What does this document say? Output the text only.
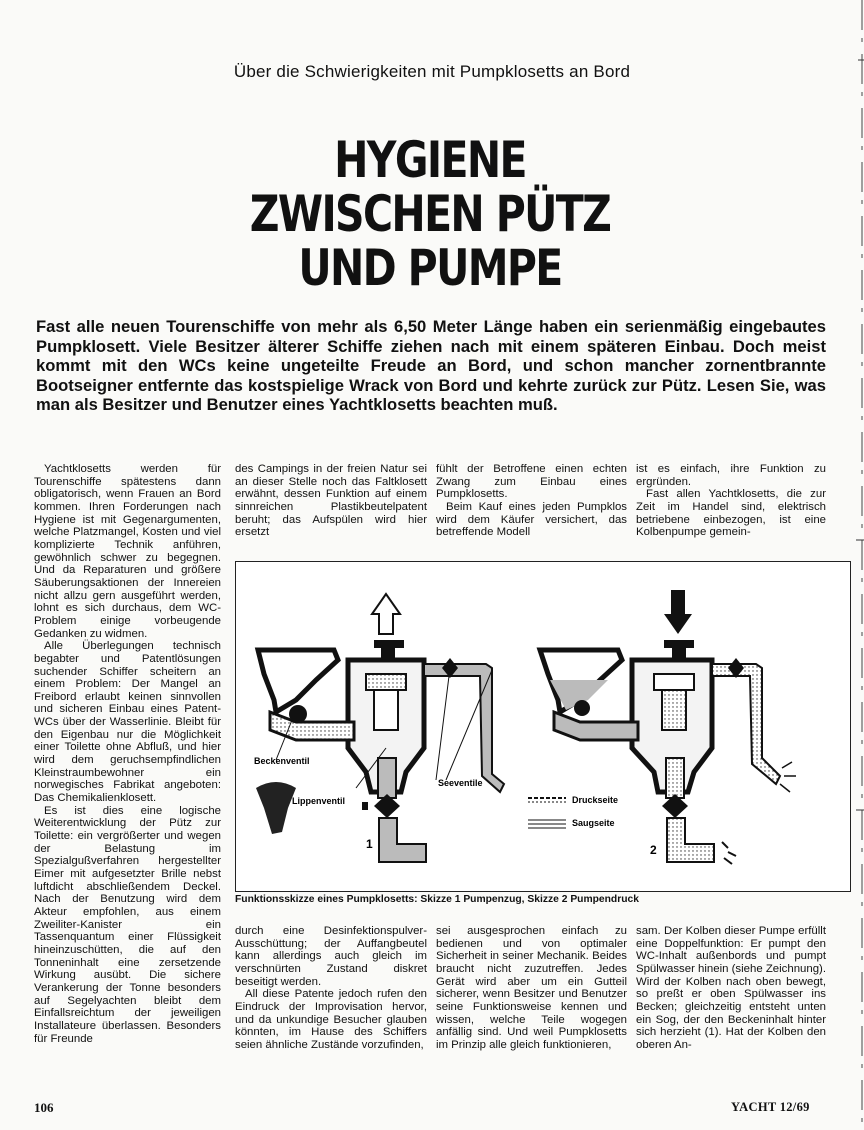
Über die Schwierigkeiten mit Pumpklosetts an Bord
HYGIENE
ZWISCHEN PÜTZ
UND PUMPE
Fast alle neuen Tourenschiffe von mehr als 6,50 Meter Länge haben ein serienmäßig eingebautes Pumpklosett. Viele Besitzer älterer Schiffe ziehen nach mit einem späteren Einbau. Doch meist kommt mit den WCs keine ungeteilte Freude an Bord, und schon mancher zornentbrannte Bootseigner entfernte das kostspielige Wrack von Bord und kehrte zurück zur Pütz. Lesen Sie, was man als Besitzer und Benutzer eines Yachtklosetts beachten muß.

Yachtklosetts werden für Tourenschiffe spätestens dann obligatorisch, wenn Frauen an Bord kommen. Ihren Forderungen nach Hygiene ist mit Gegenargumenten, welche Platzmangel, Kosten und viel komplizierte Technik anführen, gewöhnlich schwer zu begegnen. Und da Reparaturen und größere Säuberungsaktionen der Innereien nicht allzu gern ausgeführt werden, lohnt es sich durchaus, dem WC-Problem einige vorbeugende Gedanken zu widmen.

Alle Überlegungen technisch begabter und Patentlösungen suchender Schiffer scheitern an einem Problem: Der Mangel an Freibord erlaubt keinen sinnvollen und sicheren Einbau eines Patent-WCs über der Wasserlinie. Bleibt für den Eigenbau nur die Möglichkeit einer Toilette ohne Abfluß, und hier wird dem geruchsempfindlichen Kleinstraumbewohner ein norwegisches Fabrikat angeboten: Das Chemikalienklosett.

Es ist dies eine logische Weiterentwicklung der Pütz zur Toilette: ein vergrößerter und wegen der Belastung im Spezialgußverfahren hergestellter Eimer mit aufgesetzter Brille nebst luftdicht abschließendem Deckel. Nach der Benutzung wird dem Akteur empfohlen, aus einem Zweiliter-Kanister ein Tassenquantum einer Flüssigkeit hineinzuschütten, die auf den Tonneninhalt eine zersetzende Wirkung ausübt. Die sichere Verankerung der Tonne besonders auf Segelyachten bleibt dem Einfallsreichtum der jeweiligen Installateure überlassen. Besonders für Freunde

des Campings in der freien Natur sei an dieser Stelle noch das Faltklosett erwähnt, dessen Funktion auf einem sinnreichen Plastikbeutelpatent beruht; das Aufspülen wird hier ersetzt

fühlt der Betroffene einen echten Zwang zum Einbau eines Pumpklosetts.

Beim Kauf eines jeden Pumpklos wird dem Käufer versichert, das betreffende Modell

ist es einfach, ihre Funktion zu ergründen.

Fast allen Yachtklosetts, die zur Zeit im Handel sind, elektrisch betriebene einbezogen, ist eine Kolbenpumpe gemein-

Beckenventil
Lippenventil
Seeventile
1
Druckseite
Saugseite
2
Funktionsskizze eines Pumpklosetts: Skizze 1 Pumpenzug, Skizze 2 Pumpendruck

durch eine Desinfektionspulver-Ausschüttung; der Auffangbeutel kann allerdings auch gleich im verschnürten Zustand diskret beseitigt werden.

All diese Patente jedoch rufen den Eindruck der Improvisation hervor, und da unkundige Besucher glauben könnten, im Hause des Schiffers seien ähnliche Zustände vorzufinden,

sei ausgesprochen einfach zu bedienen und von optimaler Sicherheit in seiner Mechanik. Beides braucht nicht zuzutreffen. Jedes Gerät wird aber um ein Gutteil sicherer, wenn Besitzer und Benutzer seine Funktionsweise kennen und wissen, welche Teile wogegen anfällig sind. Und weil Pumpklosetts im Prinzip alle gleich funktionieren,

sam. Der Kolben dieser Pumpe erfüllt eine Doppelfunktion: Er pumpt den WC-Inhalt außenbords und pumpt Spülwasser hinein (siehe Zeichnung). Wird der Kolben nach oben bewegt, so preßt er oben Spülwasser ins Becken; gleichzeitig entsteht unten ein Sog, der den Beckeninhalt hinter sich herzieht (1). Hat der Kolben den oberen An-

106	YACHT 12/69
